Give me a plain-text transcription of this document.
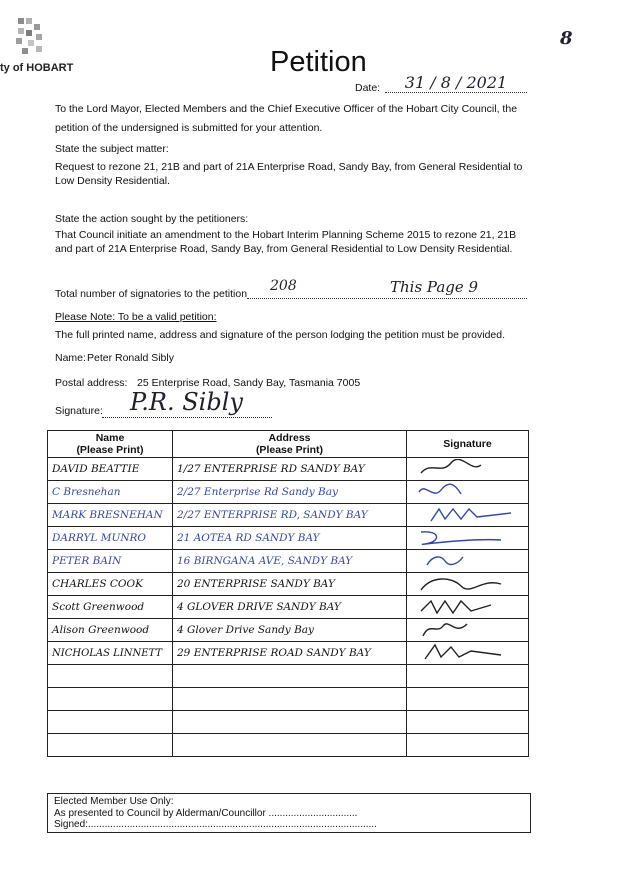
ty of HOBART
8
Petition
Date:	31 / 8 / 2021
To the Lord Mayor, Elected Members and the Chief Executive Officer of the Hobart City Council, the petition of the undersigned is submitted for your attention.
State the subject matter:
Request to rezone 21, 21B and part of 21A Enterprise Road, Sandy Bay, from General Residential to Low Density Residential.
State the action sought by the petitioners:
That Council initiate an amendment to the Hobart Interim Planning Scheme 2015 to rezone 21, 21B and part of 21A Enterprise Road, Sandy Bay, from General Residential to Low Density Residential.
Total number of signatories to the petition 208	This Page 9
Please Note: To be a valid petition:
The full printed name, address and signature of the person lodging the petition must be provided.
Name: Peter Ronald Sibly
Postal address: 25 Enterprise Road, Sandy Bay, Tasmania 7005
Signature: P.R. Sibly
Name
(Please Print)	Address
(Please Print)	Signature
DAVID BEATTIE	1/27 ENTERPRISE RD SANDY BAY	
C Bresnehan	2/27 Enterprise Rd Sandy Bay	
MARK BRESNEHAN	2/27 ENTERPRISE RD, SANDY BAY	
DARRYL MUNRO	21 AOTEA RD SANDY BAY	
PETER BAIN	16 BIRNGANA AVE, SANDY BAY	
CHARLES COOK	20 ENTERPRISE SANDY BAY	
Scott Greenwood	4 GLOVER DRIVE SANDY BAY	
Alison Greenwood	4 Glover Drive Sandy Bay	
NICHOLAS LINNETT	29 ENTERPRISE ROAD SANDY BAY	

Elected Member Use Only:
As presented to Council by Alderman/Councillor ................................
Signed:........................................................................................................
